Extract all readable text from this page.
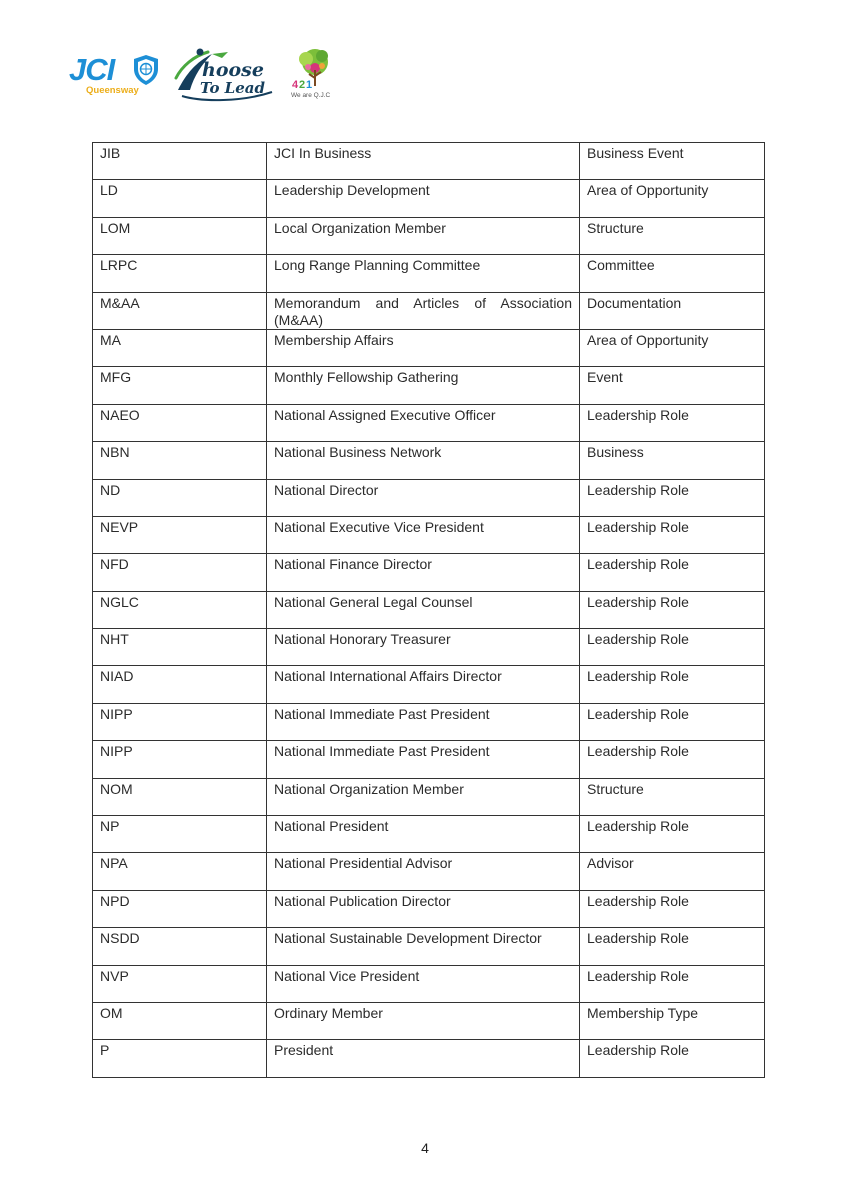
JCI
Queensway
hoose
To Lead 4 2 1
We are Q.J.C
JIB	JCI In Business	Business Event
LD	Leadership Development	Area of Opportunity
LOM	Local Organization Member	Structure
LRPC	Long Range Planning Committee	Committee
M&AA	Memorandum and Articles of Association (M&AA)	Documentation
MA	Membership Affairs	Area of Opportunity
MFG	Monthly Fellowship Gathering	Event
NAEO	National Assigned Executive Officer	Leadership Role
NBN	National Business Network	Business
ND	National Director	Leadership Role
NEVP	National Executive Vice President	Leadership Role
NFD	National Finance Director	Leadership Role
NGLC	National General Legal Counsel	Leadership Role
NHT	National Honorary Treasurer	Leadership Role
NIAD	National International Affairs Director	Leadership Role
NIPP	National Immediate Past President	Leadership Role
NIPP	National Immediate Past President	Leadership Role
NOM	National Organization Member	Structure
NP	National President	Leadership Role
NPA	National Presidential Advisor	Advisor
NPD	National Publication Director	Leadership Role
NSDD	National Sustainable Development Director	Leadership Role
NVP	National Vice President	Leadership Role
OM	Ordinary Member	Membership Type
P	President	Leadership Role
4
